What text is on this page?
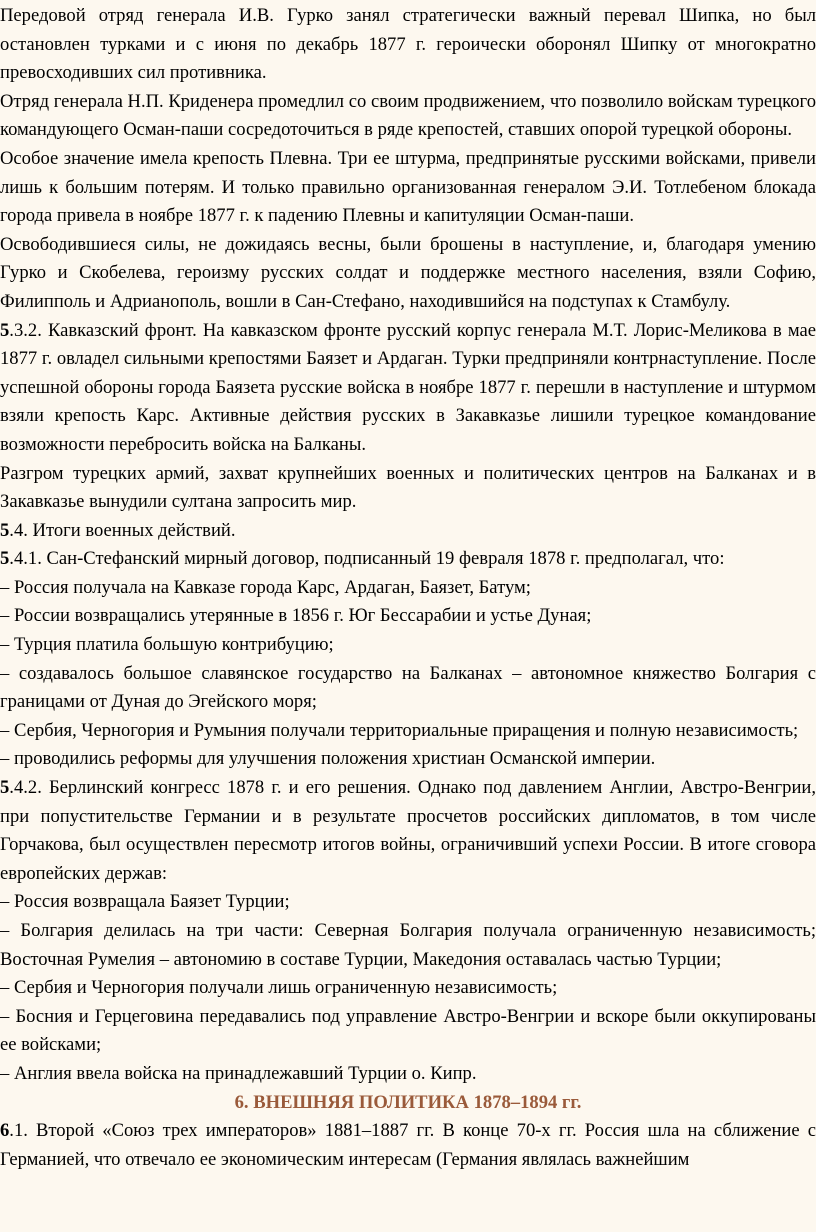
Передовой отряд генерала И.В. Гурко занял стратегически важный перевал Шипка, но был остановлен турками и с июня по декабрь 1877 г. героически оборонял Шипку от многократно превосходивших сил противника.

Отряд генерала Н.П. Криденера промедлил со своим продвижением, что позволило войскам турецкого командующего Осман-паши сосредоточиться в ряде крепостей, ставших опорой турецкой обороны.

Особое значение имела крепость Плевна. Три ее штурма, предпринятые русскими войсками, привели лишь к большим потерям. И только правильно организованная генералом Э.И. Тотлебеном блокада города привела в ноябре 1877 г. к падению Плевны и капитуляции Осман-паши.

Освободившиеся силы, не дожидаясь весны, были брошены в наступление, и, благодаря умению Гурко и Скобелева, героизму русских солдат и поддержке местного населения, взяли Софию, Филипполь и Адрианополь, вошли в Сан-Стефано, находившийся на подступах к Стамбулу.

5.3.2. Кавказский фронт. На кавказском фронте русский корпус генерала М.Т. Лорис-Меликова в мае 1877 г. овладел сильными крепостями Баязет и Ардаган. Турки предприняли контрнаступление. После успешной обороны города Баязета русские войска в ноябре 1877 г. перешли в наступление и штурмом взяли крепость Карс. Активные действия русских в Закавказье лишили турецкое командование возможности перебросить войска на Балканы.

Разгром турецких армий, захват крупнейших военных и политических центров на Балканах и в Закавказье вынудили султана запросить мир.

5.4. Итоги военных действий.

5.4.1. Сан-Стефанский мирный договор, подписанный 19 февраля 1878 г. предполагал, что:

– Россия получала на Кавказе города Карс, Ардаган, Баязет, Батум;

– России возвращались утерянные в 1856 г. Юг Бессарабии и устье Дуная;

– Турция платила большую контрибуцию;

– создавалось большое славянское государство на Балканах – автономное княжество Болгария с границами от Дуная до Эгейского моря;

– Сербия, Черногория и Румыния получали территориальные приращения и полную независимость;

– проводились реформы для улучшения положения христиан Османской империи.

5.4.2. Берлинский конгресс 1878 г. и его решения. Однако под давлением Англии, Австро-Венгрии, при попустительстве Германии и в результате просчетов российских дипломатов, в том числе Горчакова, был осуществлен пересмотр итогов войны, ограничивший успехи России. В итоге сговора европейских держав:

– Россия возвращала Баязет Турции;

– Болгария делилась на три части: Северная Болгария получала ограниченную независимость; Восточная Румелия – автономию в составе Турции, Македония оставалась частью Турции;

– Сербия и Черногория получали лишь ограниченную независимость;

– Босния и Герцеговина передавались под управление Австро-Венгрии и вскоре были оккупированы ее войсками;

– Англия ввела войска на принадлежавший Турции о. Кипр.

6. ВНЕШНЯЯ ПОЛИТИКА 1878–1894 гг.

6.1. Второй «Союз трех императоров» 1881–1887 гг. В конце 70-х гг. Россия шла на сближение с Германией, что отвечало ее экономическим интересам (Германия являлась важнейшим
